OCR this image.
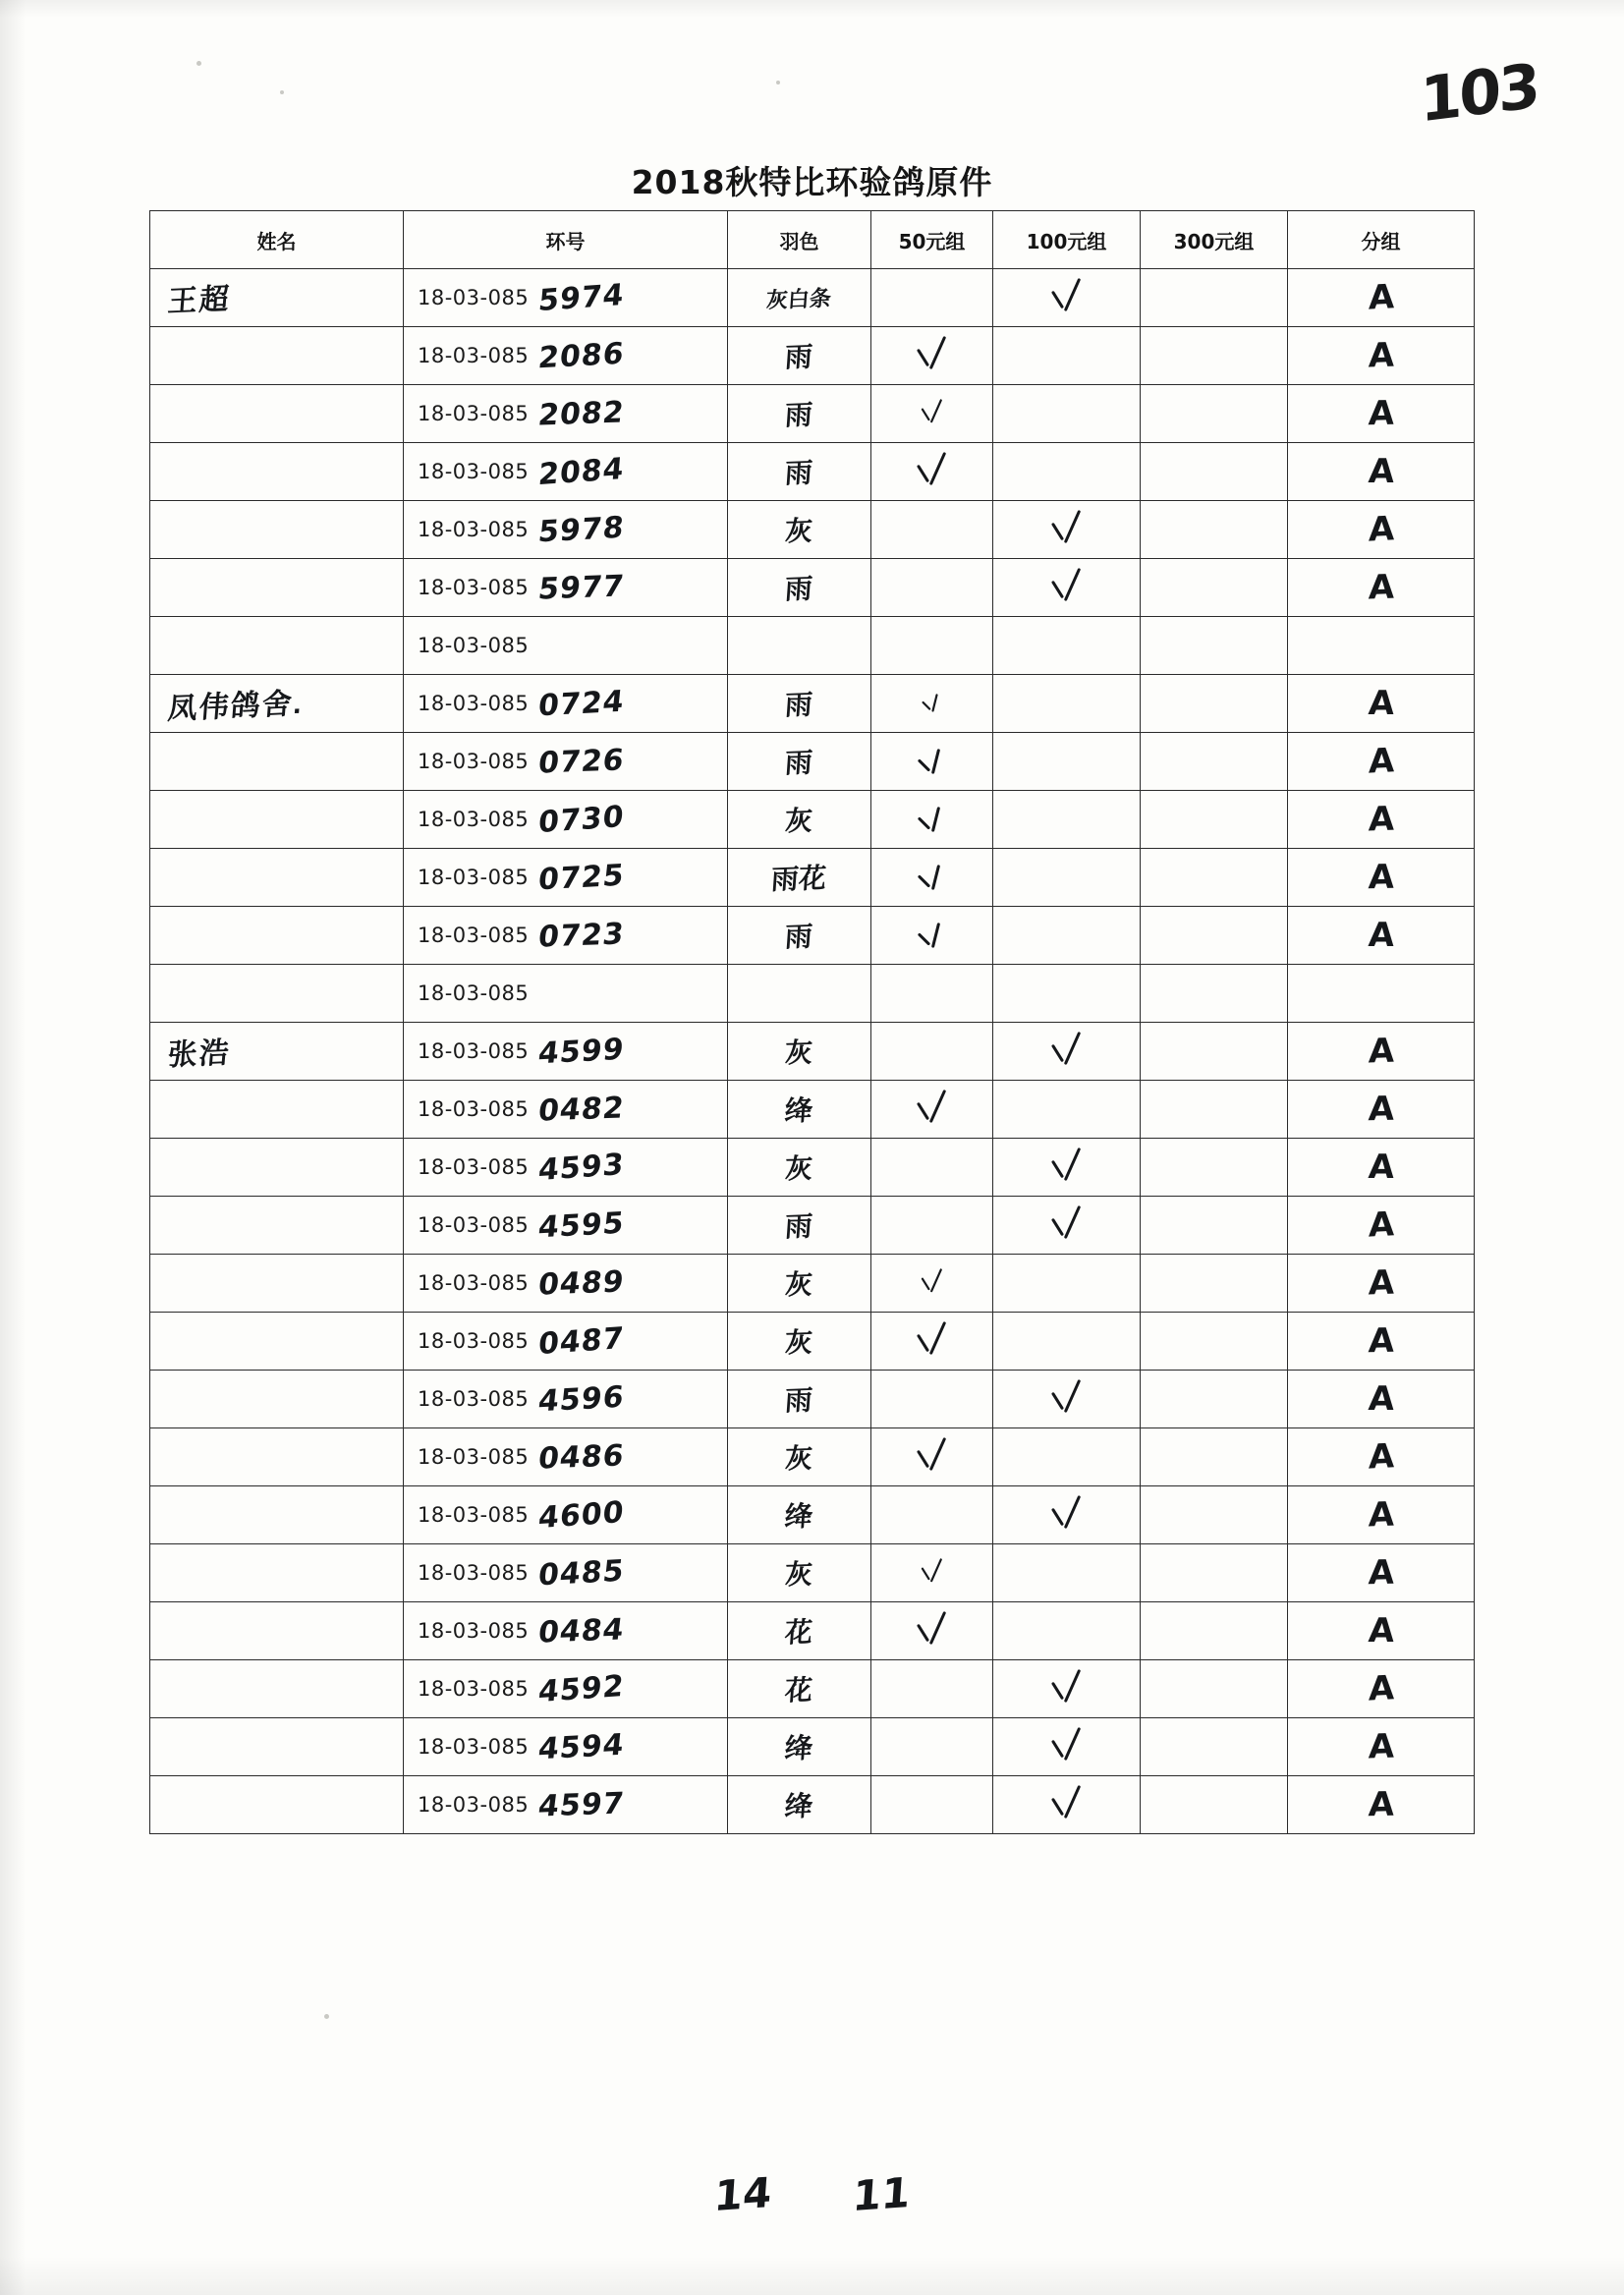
103
2018秋特比环验鸽原件
姓名	环号	羽色	50元组	100元组	300元组	分组
王超	18-03-085 5974	灰白条				A

	18-03-085 2086	雨				A

	18-03-085 2082	雨				A

	18-03-085 2084	雨				A

	18-03-085 5978	灰				A

	18-03-085 5977	雨				A

	18-03-085					

凤伟鸽舍.	18-03-085 0724	雨				A

	18-03-085 0726	雨				A

	18-03-085 0730	灰				A

	18-03-085 0725	雨花				A

	18-03-085 0723	雨				A

	18-03-085					

张浩	18-03-085 4599	灰				A

	18-03-085 0482	绛				A

	18-03-085 4593	灰				A

	18-03-085 4595	雨				A

	18-03-085 0489	灰				A

	18-03-085 0487	灰				A

	18-03-085 4596	雨				A

	18-03-085 0486	灰				A

	18-03-085 4600	绛				A

	18-03-085 0485	灰				A

	18-03-085 0484	花				A

	18-03-085 4592	花				A

	18-03-085 4594	绛				A

	18-03-085 4597	绛				A
14 11
